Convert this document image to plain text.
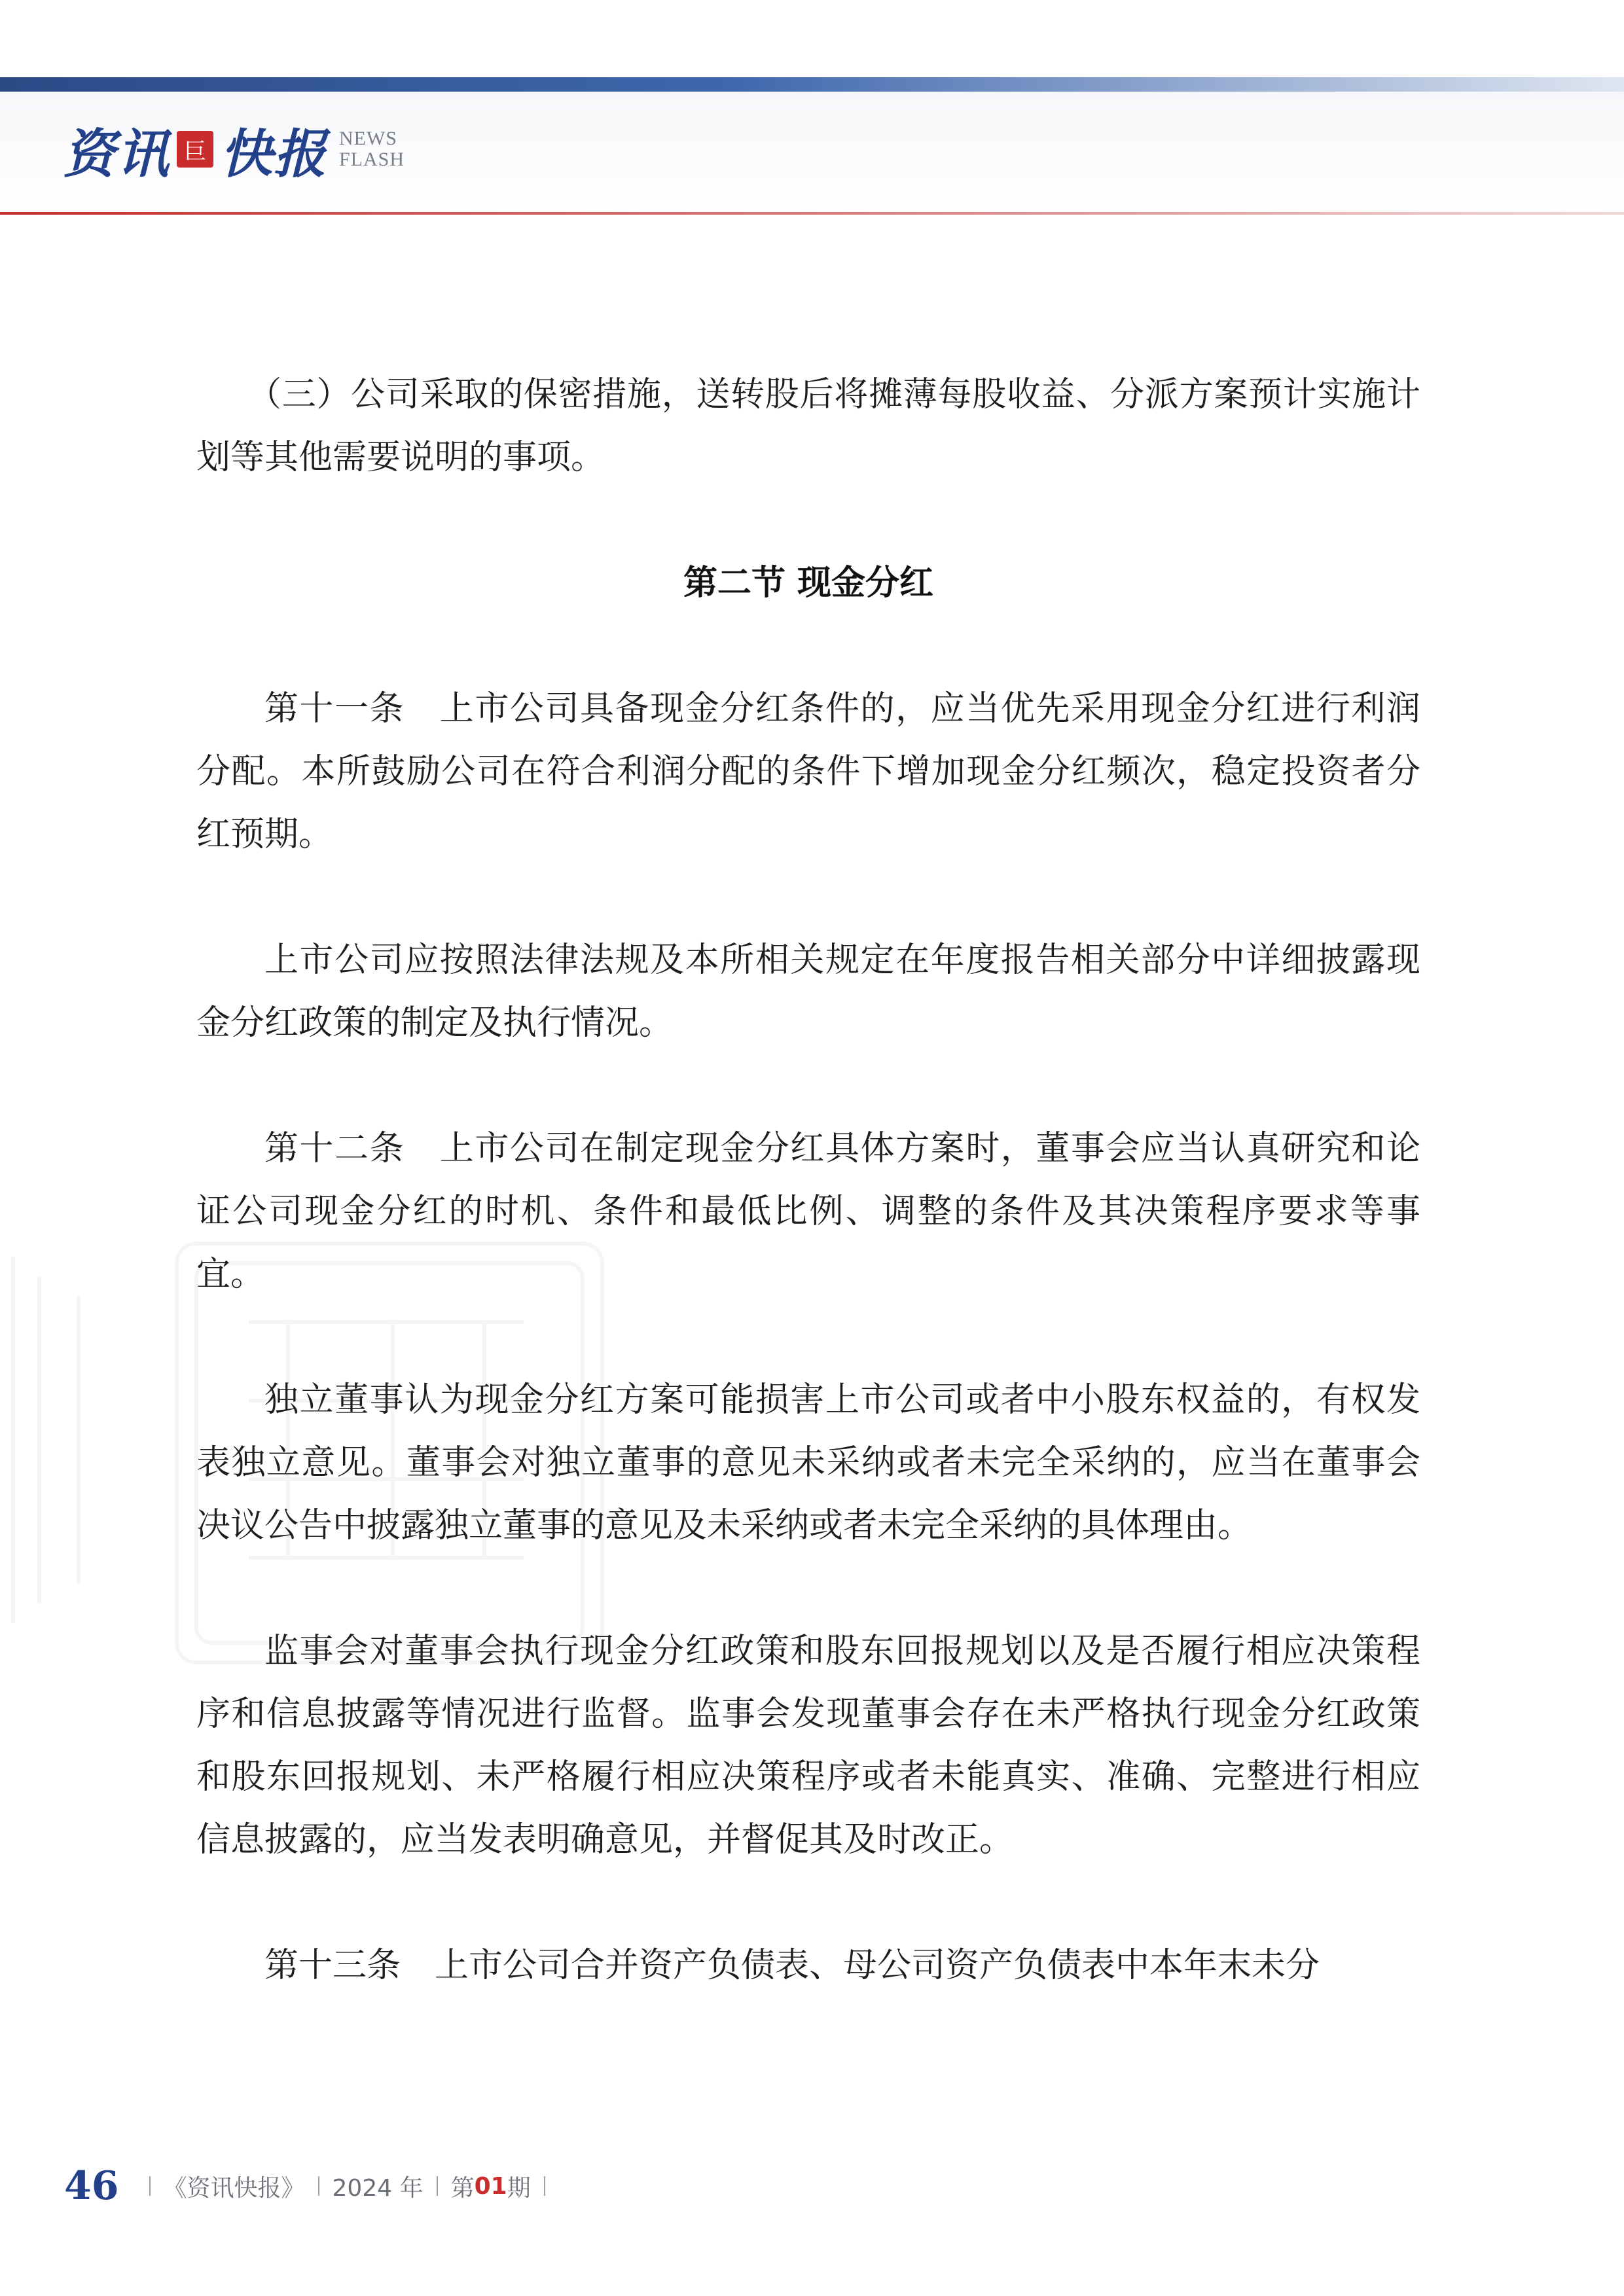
资讯 巨 快报 NEWS
FLASH

（三）公司采取的保密措施，送转股后将摊薄每股收益、分派方案预计实施计划等其他需要说明的事项。

第二节 现金分红

第十一条　上市公司具备现金分红条件的，应当优先采用现金分红进行利润分配。本所鼓励公司在符合利润分配的条件下增加现金分红频次，稳定投资者分红预期。

上市公司应按照法律法规及本所相关规定在年度报告相关部分中详细披露现金分红政策的制定及执行情况。

第十二条　上市公司在制定现金分红具体方案时，董事会应当认真研究和论证公司现金分红的时机、条件和最低比例、调整的条件及其决策程序要求等事宜。

独立董事认为现金分红方案可能损害上市公司或者中小股东权益的，有权发表独立意见。董事会对独立董事的意见未采纳或者未完全采纳的，应当在董事会决议公告中披露独立董事的意见及未采纳或者未完全采纳的具体理由。

监事会对董事会执行现金分红政策和股东回报规划以及是否履行相应决策程序和信息披露等情况进行监督。监事会发现董事会存在未严格执行现金分红政策和股东回报规划、未严格履行相应决策程序或者未能真实、准确、完整进行相应信息披露的，应当发表明确意见，并督促其及时改正。

第十三条　上市公司合并资产负债表、母公司资产负债表中本年末未分

46 《资讯快报》 2024 年 第 01 期
